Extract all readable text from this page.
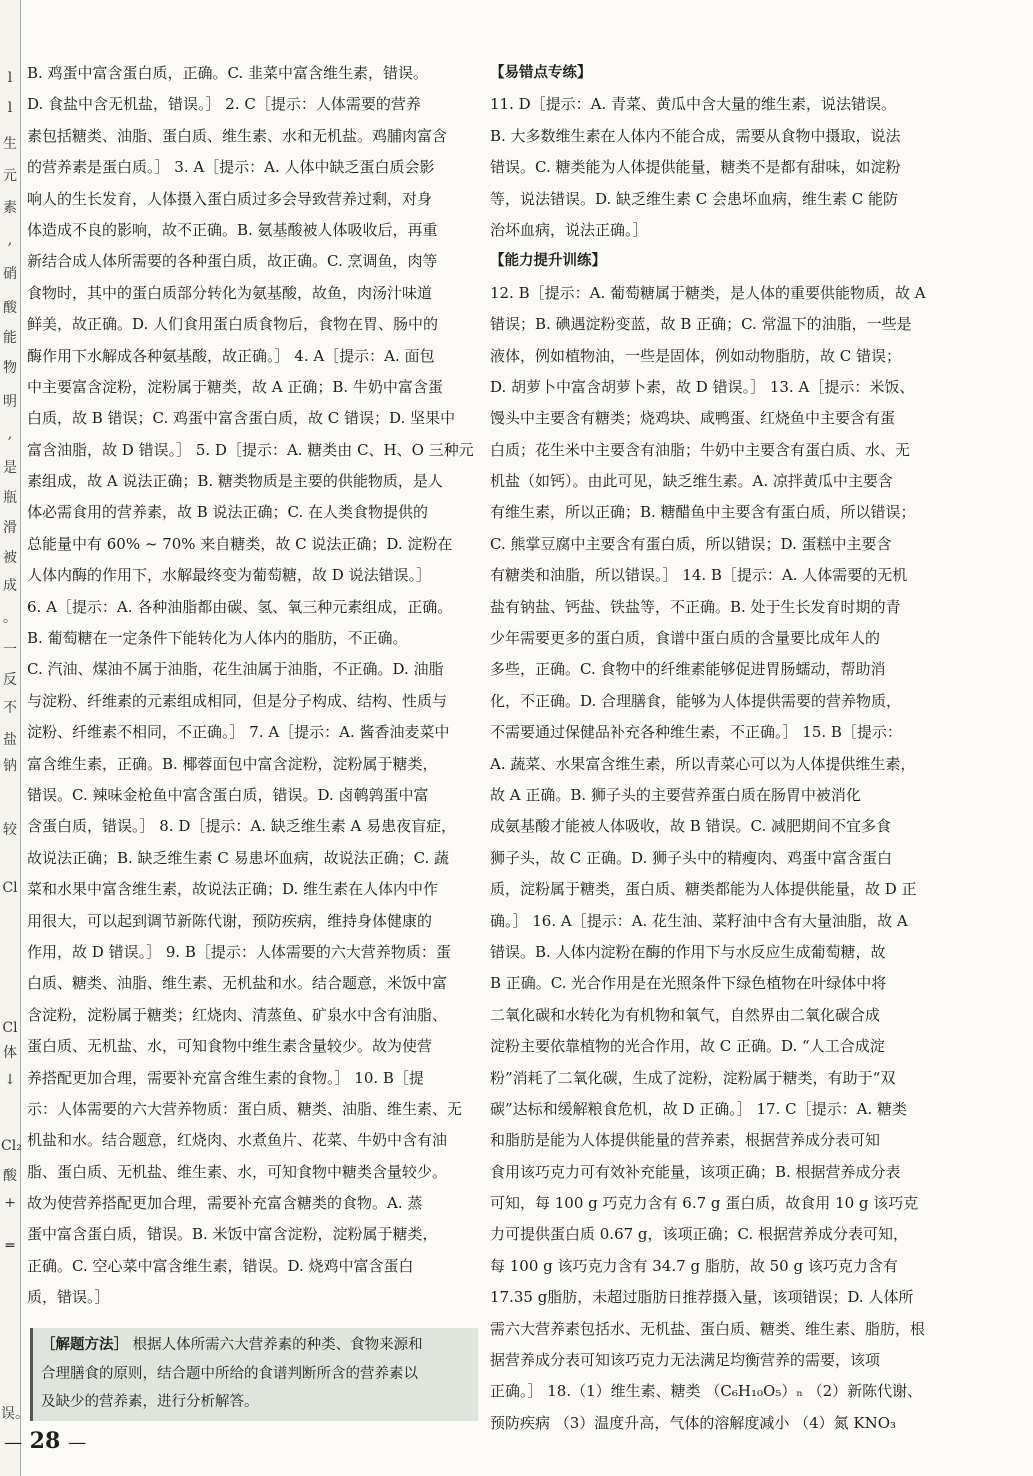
l
l
生
元
素
,
硝
酸
能
物
明
,
是
瓶
滑
被
成
。
一
反
不
盐
钠
较
Cl
Cl
体
↓
Cl₂
酸
+
═
误。
B. 鸡蛋中富含蛋白质，正确。C. 韭菜中富含维生素，错误。
D. 食盐中含无机盐，错误。］ 2. C［提示：人体需要的营养
素包括糖类、油脂、蛋白质、维生素、水和无机盐。鸡脯肉富含
的营养素是蛋白质。］ 3. A［提示：A. 人体中缺乏蛋白质会影
响人的生长发育，人体摄入蛋白质过多会导致营养过剩，对身
体造成不良的影响，故不正确。B. 氨基酸被人体吸收后，再重
新结合成人体所需要的各种蛋白质，故正确。C. 烹调鱼，肉等
食物时，其中的蛋白质部分转化为氨基酸，故鱼，肉汤汁味道
鲜美，故正确。D. 人们食用蛋白质食物后，食物在胃、肠中的
酶作用下水解成各种氨基酸，故正确。］ 4. A［提示：A. 面包
中主要富含淀粉，淀粉属于糖类，故 A 正确；B. 牛奶中富含蛋
白质，故 B 错误；C. 鸡蛋中富含蛋白质，故 C 错误；D. 坚果中
富含油脂，故 D 错误。］ 5. D［提示：A. 糖类由 C、H、O 三种元
素组成，故 A 说法正确；B. 糖类物质是主要的供能物质，是人
体必需食用的营养素，故 B 说法正确；C. 在人类食物提供的
总能量中有 60% ~ 70% 来自糖类，故 C 说法正确；D. 淀粉在
人体内酶的作用下，水解最终变为葡萄糖，故 D 说法错误。］
6. A［提示：A. 各种油脂都由碳、氢、氧三种元素组成，正确。
B. 葡萄糖在一定条件下能转化为人体内的脂肪，不正确。
C. 汽油、煤油不属于油脂，花生油属于油脂，不正确。D. 油脂
与淀粉、纤维素的元素组成相同，但是分子构成、结构、性质与
淀粉、纤维素不相同，不正确。］ 7. A［提示：A. 酱香油麦菜中
富含维生素，正确。B. 椰蓉面包中富含淀粉，淀粉属于糖类，
错误。C. 辣味金枪鱼中富含蛋白质，错误。D. 卤鹌鹑蛋中富
含蛋白质，错误。］ 8. D［提示：A. 缺乏维生素 A 易患夜盲症，
故说法正确；B. 缺乏维生素 C 易患坏血病，故说法正确；C. 蔬
菜和水果中富含维生素，故说法正确；D. 维生素在人体内中作
用很大，可以起到调节新陈代谢，预防疾病，维持身体健康的
作用，故 D 错误。］ 9. B［提示：人体需要的六大营养物质：蛋
白质、糖类、油脂、维生素、无机盐和水。结合题意，米饭中富
含淀粉，淀粉属于糖类；红烧肉、清蒸鱼、矿泉水中含有油脂、
蛋白质、无机盐、水，可知食物中维生素含量较少。故为使营
养搭配更加合理，需要补充富含维生素的食物。］ 10. B［提
示：人体需要的六大营养物质：蛋白质、糖类、油脂、维生素、无
机盐和水。结合题意，红烧肉、水煮鱼片、花菜、牛奶中含有油
脂、蛋白质、无机盐、维生素、水，可知食物中糖类含量较少。
故为使营养搭配更加合理，需要补充富含糖类的食物。A. 蒸
蛋中富含蛋白质，错误。B. 米饭中富含淀粉，淀粉属于糖类，
正确。C. 空心菜中富含维生素，错误。D. 烧鸡中富含蛋白
质，错误。］
［解题方法］ 根据人体所需六大营养素的种类、食物来源和
合理膳食的原则，结合题中所给的食谱判断所含的营养素以
及缺少的营养素，进行分析解答。
【易错点专练】
11. D［提示：A. 青菜、黄瓜中含大量的维生素，说法错误。
B. 大多数维生素在人体内不能合成，需要从食物中摄取，说法
错误。C. 糖类能为人体提供能量，糖类不是都有甜味，如淀粉
等，说法错误。D. 缺乏维生素 C 会患坏血病，维生素 C 能防
治坏血病，说法正确。］
【能力提升训练】
12. B［提示：A. 葡萄糖属于糖类，是人体的重要供能物质，故 A
错误；B. 碘遇淀粉变蓝，故 B 正确；C. 常温下的油脂，一些是
液体，例如植物油，一些是固体，例如动物脂肪，故 C 错误；
D. 胡萝卜中富含胡萝卜素，故 D 错误。］ 13. A［提示：米饭、
馒头中主要含有糖类；烧鸡块、咸鸭蛋、红烧鱼中主要含有蛋
白质；花生米中主要含有油脂；牛奶中主要含有蛋白质、水、无
机盐（如钙）。由此可见，缺乏维生素。A. 凉拌黄瓜中主要含
有维生素，所以正确；B. 糖醋鱼中主要含有蛋白质，所以错误；
C. 熊掌豆腐中主要含有蛋白质，所以错误；D. 蛋糕中主要含
有糖类和油脂，所以错误。］ 14. B［提示：A. 人体需要的无机
盐有钠盐、钙盐、铁盐等，不正确。B. 处于生长发育时期的青
少年需要更多的蛋白质，食谱中蛋白质的含量要比成年人的
多些，正确。C. 食物中的纤维素能够促进胃肠蠕动，帮助消
化，不正确。D. 合理膳食，能够为人体提供需要的营养物质，
不需要通过保健品补充各种维生素，不正确。］ 15. B［提示：
A. 蔬菜、水果富含维生素，所以青菜心可以为人体提供维生素，
故 A 正确。B. 狮子头的主要营养蛋白质在肠胃中被消化
成氨基酸才能被人体吸收，故 B 错误。C. 减肥期间不宜多食
狮子头，故 C 正确。D. 狮子头中的精瘦肉、鸡蛋中富含蛋白
质，淀粉属于糖类，蛋白质、糖类都能为人体提供能量，故 D 正
确。］ 16. A［提示：A. 花生油、菜籽油中含有大量油脂，故 A
错误。B. 人体内淀粉在酶的作用下与水反应生成葡萄糖，故
B 正确。C. 光合作用是在光照条件下绿色植物在叶绿体中将
二氧化碳和水转化为有机物和氧气，自然界由二氧化碳合成
淀粉主要依靠植物的光合作用，故 C 正确。D. “人工合成淀
粉”消耗了二氧化碳，生成了淀粉，淀粉属于糖类，有助于“双
碳”达标和缓解粮食危机，故 D 正确。］ 17. C［提示：A. 糖类
和脂肪是能为人体提供能量的营养素，根据营养成分表可知
食用该巧克力可有效补充能量，该项正确；B. 根据营养成分表
可知，每 100 g 巧克力含有 6.7 g 蛋白质，故食用 10 g 该巧克
力可提供蛋白质 0.67 g，该项正确；C. 根据营养成分表可知，
每 100 g 该巧克力含有 34.7 g 脂肪，故 50 g 该巧克力含有
17.35 g脂肪，未超过脂肪日推荐摄入量，该项错误；D. 人体所
需六大营养素包括水、无机盐、蛋白质、糖类、维生素、脂肪，根
据营养成分表可知该巧克力无法满足均衡营养的需要，该项
正确。］ 18.（1）维生素、糖类 （C₆H₁₀O₅）ₙ （2）新陈代谢、
预防疾病 （3）温度升高，气体的溶解度减小 （4）氮 KNO₃
— 28 —
